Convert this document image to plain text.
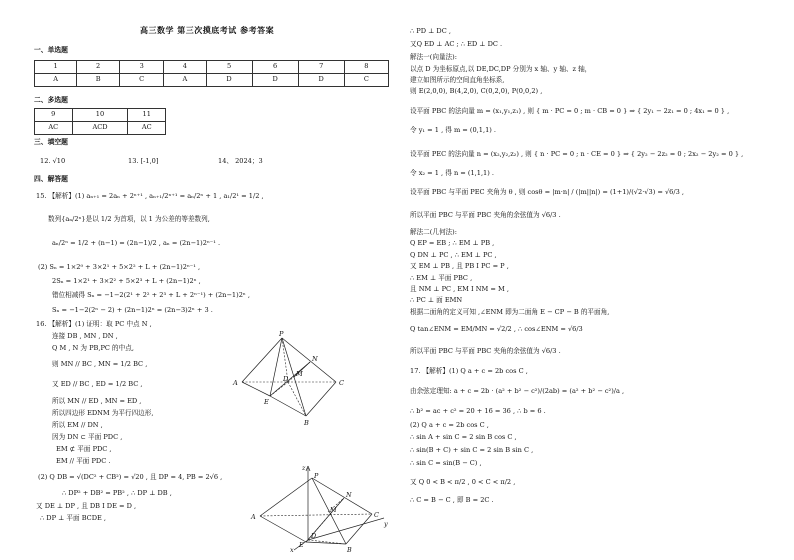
高三数学 第三次摸底考试 参考答案
一、单选题
1	2	3	4	5	6	7	8
A	B	C	A	D	D	D	C
二、多选题
9	10	11
AC	ACD	AC
三、填空题
12. √10	13. [-1,0]	14、 2024；3
四、解答题
15. 【解析】(1) aₙ₊₁ = 2aₙ + 2ⁿ⁺¹ , aₙ₊₁/2ⁿ⁺¹ = aₙ/2ⁿ + 1 , a₁/2¹ = 1/2 ,
数列{aₙ/2ⁿ}是以 1/2 为首项，以 1 为公差的等差数列,
aₙ/2ⁿ = 1/2 + (n−1) = (2n−1)/2 , aₙ = (2n−1)2ⁿ⁻¹ .
(2) Sₙ = 1×2⁰ + 3×2¹ + 5×2² + L + (2n−1)2ⁿ⁻¹ ,
2Sₙ = 1×2¹ + 3×2² + 5×2³ + L + (2n−1)2ⁿ ,
错位相减得 Sₙ = −1−2(2¹ + 2² + 2³ + L + 2ⁿ⁻¹) + (2n−1)2ⁿ ,
Sₙ = −1−2(2ⁿ − 2) + (2n−1)2ⁿ = (2n−3)2ⁿ + 3 .
16. 【解析】(1) 证明：取 PC 中点 N ,
连接 DB , MN , DN ,
Q M , N 为 PB,PC 的中点,
则 MN // BC , MN = 1/2 BC ,
又 ED // BC , ED = 1/2 BC ,
所以 MN // ED , MN = ED ,
所以四边形 EDNM 为平行四边形,
所以 EM // DN ,
因为 DN ⊂ 平面 PDC ,
EM ⊄ 平面 PDC ,
EM // 平面 PDC .
(2) Q DB = √(DC² + CB²) = √20 , 且 DP = 4, PB = 2√6 ,
∴ DP² + DB² = PB² , ∴ DP ⊥ DB ,
又 DE ⊥ DP , 且 DB I DE = D ,
∴ DP ⊥ 平面 BCDE ,
P
N
M
A
E
D	C
B
z
P
N
A
M
C
y
x
E
D
B
∴ PD ⊥ DC ,
又Q ED ⊥ AC ; ∴ ED ⊥ DC .
解法一(向量法):
以点 D 为坐标原点,以 DE,DC,DP 分别为 x 轴、y 轴、z 轴，
建立如图所示的空间直角坐标系,
则 E(2,0,0), B(4,2,0), C(0,2,0), P(0,0,2) ,
设平面 PBC 的法向量 m = (x₁,y₁,z₁) , 则 { m · PC = 0 ; m · CB = 0 } ⇒ { 2y₁ − 2z₁ = 0 ; 4x₁ = 0 } ,
令 y₁ = 1 , 得 m = (0,1,1) .
设平面 PEC 的法向量 n = (x₂,y₂,z₂) , 则 { n · PC = 0 ; n · CE = 0 } ⇒ { 2y₂ − 2z₂ = 0 ; 2x₂ − 2y₂ = 0 } ,
令 x₂ = 1 , 得 n = (1,1,1) .
设平面 PBC 与平面 PEC 夹角为 θ , 则 cosθ = |m·n| / (|m||n|) = (1+1)/(√2·√3) = √6/3 ,
所以平面 PBC 与平面 PBC 夹角的余弦值为 √6/3 .
解法二(几何法):
Q EP = EB ; ∴ EM ⊥ PB ,
Q DN ⊥ PC , ∴ EM ⊥ PC ,
又 EM ⊥ PB , 且 PB I PC = P ,
∴ EM ⊥ 平面 PBC ,
且 NM ⊥ PC , EM I NM = M ,
∴ PC ⊥ 面 EMN
根据二面角的定义可知 ,∠ENM 即为二面角 E − CP − B 的平面角,
Q tan∠ENM = EM/MN = √2/2 , ∴ cos∠ENM = √6/3
所以平面 PBC 与平面 PBC 夹角的余弦值为 √6/3 .
17. 【解析】(1) Q a + c = 2b cos C ,
由余弦定理知: a + c = 2b · (a² + b² − c²)/(2ab) = (a² + b² − c²)/a ,
∴ b² = ac + c² = 20 + 16 = 36 , ∴ b = 6 .
(2) Q a + c = 2b cos C ,
∴ sin A + sin C = 2 sin B cos C ,
∴ sin(B + C) + sin C = 2 sin B sin C ,
∴ sin C = sin(B − C) ,
又 Q 0 < B < π/2 , 0 < C < π/2 ,
∴ C = B − C , 即 B = 2C .
